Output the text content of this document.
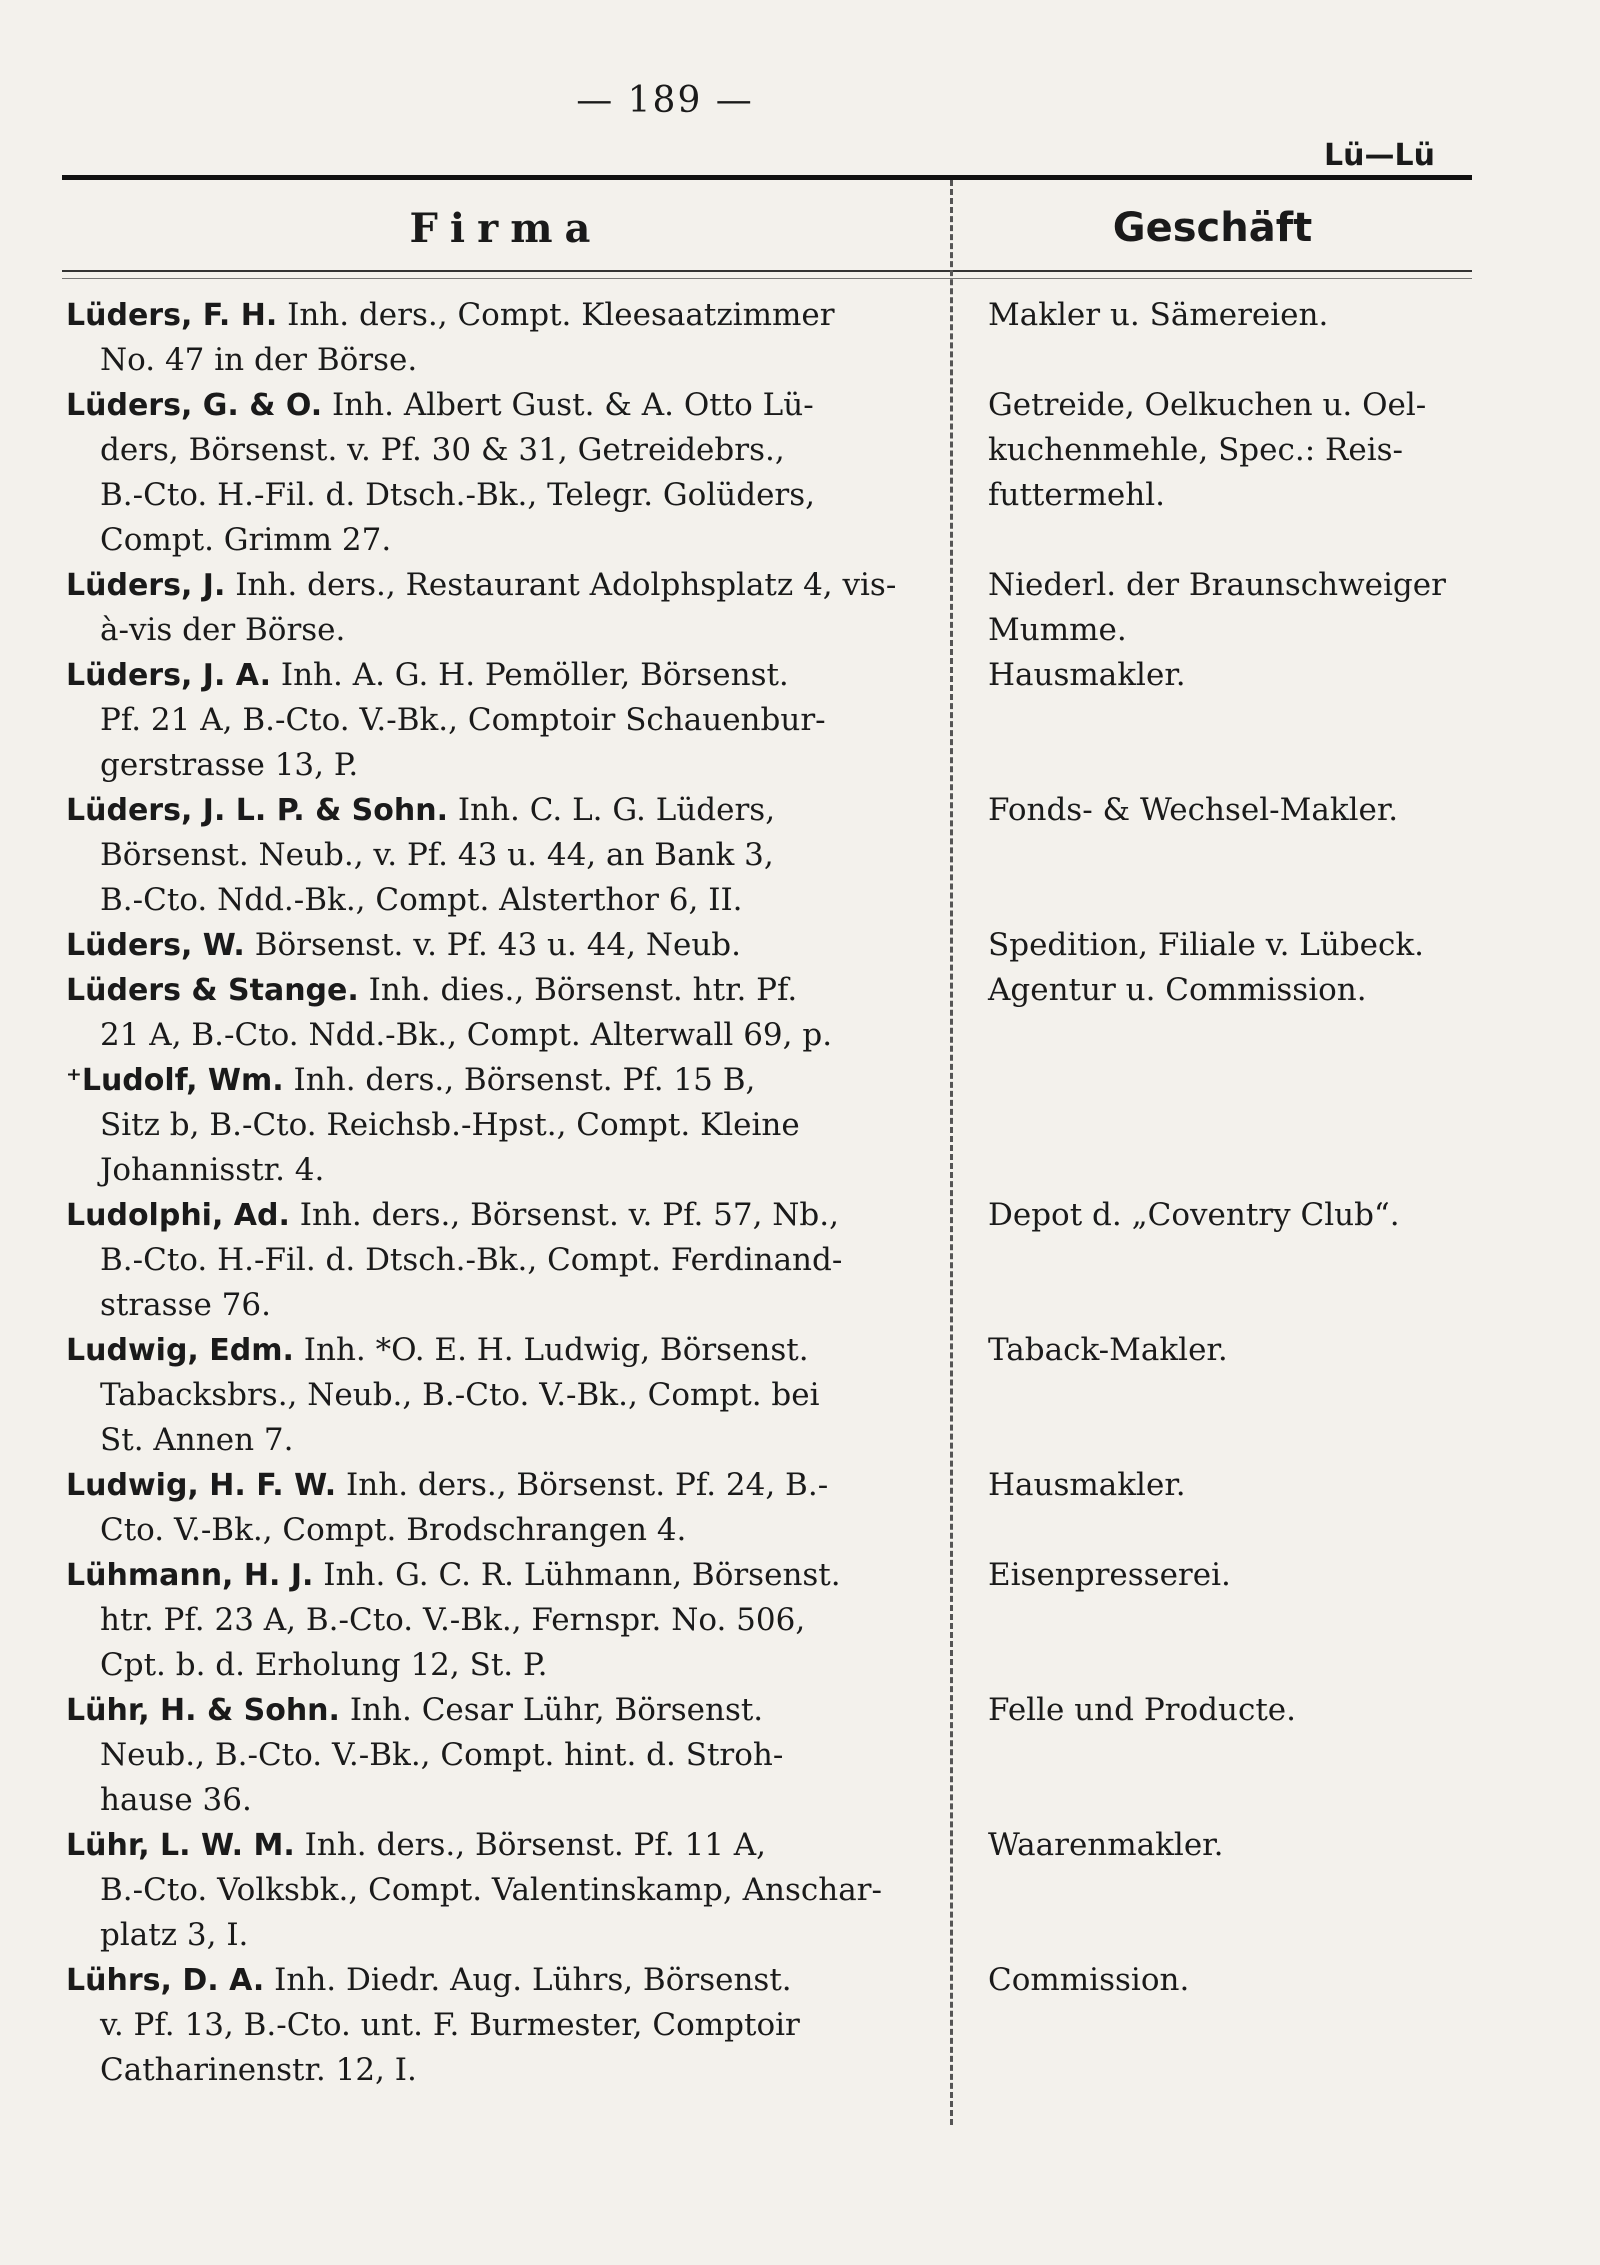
— 189 —
Lü—Lü
Firma	Geschäft
Lüders, F. H. Inh. ders., Compt. Kleesaatzimmer
No. 47 in der Börse.
Makler u. Sämereien.
Lüders, G. & O. Inh. Albert Gust. & A. Otto Lü-
ders, Börsenst. v. Pf. 30 & 31, Getreidebrs.,
B.-Cto. H.-Fil. d. Dtsch.-Bk., Telegr. Golüders,
Compt. Grimm 27.
Getreide, Oelkuchen u. Oel-
kuchenmehle, Spec.: Reis-
futtermehl.
Lüders, J. Inh. ders., Restaurant Adolphsplatz 4, vis-
à-vis der Börse.
Niederl. der Braunschweiger
Mumme.
Lüders, J. A. Inh. A. G. H. Pemöller, Börsenst.
Pf. 21 A, B.-Cto. V.-Bk., Comptoir Schauenbur-
gerstrasse 13, P.
Hausmakler.
Lüders, J. L. P. & Sohn. Inh. C. L. G. Lüders,
Börsenst. Neub., v. Pf. 43 u. 44, an Bank 3,
B.-Cto. Ndd.-Bk., Compt. Alsterthor 6, II.
Fonds- & Wechsel-Makler.
Lüders, W. Börsenst. v. Pf. 43 u. 44, Neub.	Spedition, Filiale v. Lübeck.
Lüders & Stange. Inh. dies., Börsenst. htr. Pf.
21 A, B.-Cto. Ndd.-Bk., Compt. Alterwall 69, p.
Agentur u. Commission.
⁺Ludolf, Wm. Inh. ders., Börsenst. Pf. 15 B,
Sitz b, B.-Cto. Reichsb.-Hpst., Compt. Kleine
Johannisstr. 4.
Ludolphi, Ad. Inh. ders., Börsenst. v. Pf. 57, Nb.,
B.-Cto. H.-Fil. d. Dtsch.-Bk., Compt. Ferdinand-
strasse 76.
Depot d. „Coventry Club“.
Ludwig, Edm. Inh. *O. E. H. Ludwig, Börsenst.
Tabacksbrs., Neub., B.-Cto. V.-Bk., Compt. bei
St. Annen 7.
Taback-Makler.
Ludwig, H. F. W. Inh. ders., Börsenst. Pf. 24, B.-
Cto. V.-Bk., Compt. Brodschrangen 4.
Hausmakler.
Lühmann, H. J. Inh. G. C. R. Lühmann, Börsenst.
htr. Pf. 23 A, B.-Cto. V.-Bk., Fernspr. No. 506,
Cpt. b. d. Erholung 12, St. P.
Eisenpresserei.
Lühr, H. & Sohn. Inh. Cesar Lühr, Börsenst.
Neub., B.-Cto. V.-Bk., Compt. hint. d. Stroh-
hause 36.
Felle und Producte.
Lühr, L. W. M. Inh. ders., Börsenst. Pf. 11 A,
B.-Cto. Volksbk., Compt. Valentinskamp, Anschar-
platz 3, I.
Waarenmakler.
Lührs, D. A. Inh. Diedr. Aug. Lührs, Börsenst.
v. Pf. 13, B.-Cto. unt. F. Burmester, Comptoir
Catharinenstr. 12, I.
Commission.
